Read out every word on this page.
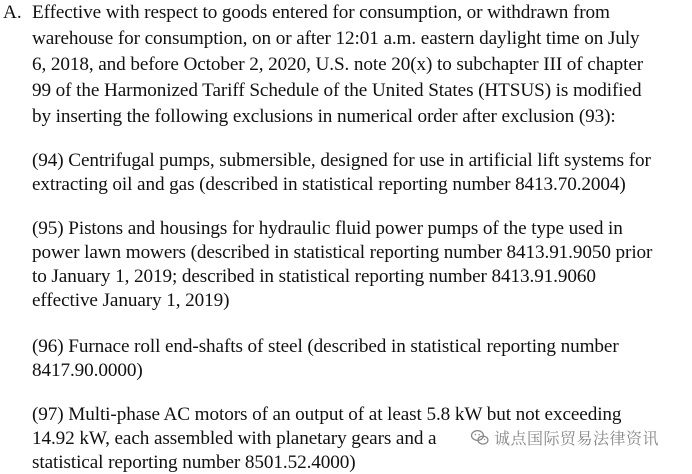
A. Effective with respect to goods entered for consumption, or withdrawn from
warehouse for consumption, on or after 12:01 a.m. eastern daylight time on July
6, 2018, and before October 2, 2020, U.S. note 20(x) to subchapter III of chapter
99 of the Harmonized Tariff Schedule of the United States (HTSUS) is modified
by inserting the following exclusions in numerical order after exclusion (93):
(94) Centrifugal pumps, submersible, designed for use in artificial lift systems for
extracting oil and gas (described in statistical reporting number 8413.70.2004)
(95) Pistons and housings for hydraulic fluid power pumps of the type used in
power lawn mowers (described in statistical reporting number 8413.91.9050 prior
to January 1, 2019; described in statistical reporting number 8413.91.9060
effective January 1, 2019)
(96) Furnace roll end-shafts of steel (described in statistical reporting number
8417.90.0000)
(97) Multi-phase AC motors of an output of at least 5.8 kW but not exceeding
14.92 kW, each assembled with planetary gears and a
statistical reporting number 8501.52.4000)
诚点国际贸易法律资讯
